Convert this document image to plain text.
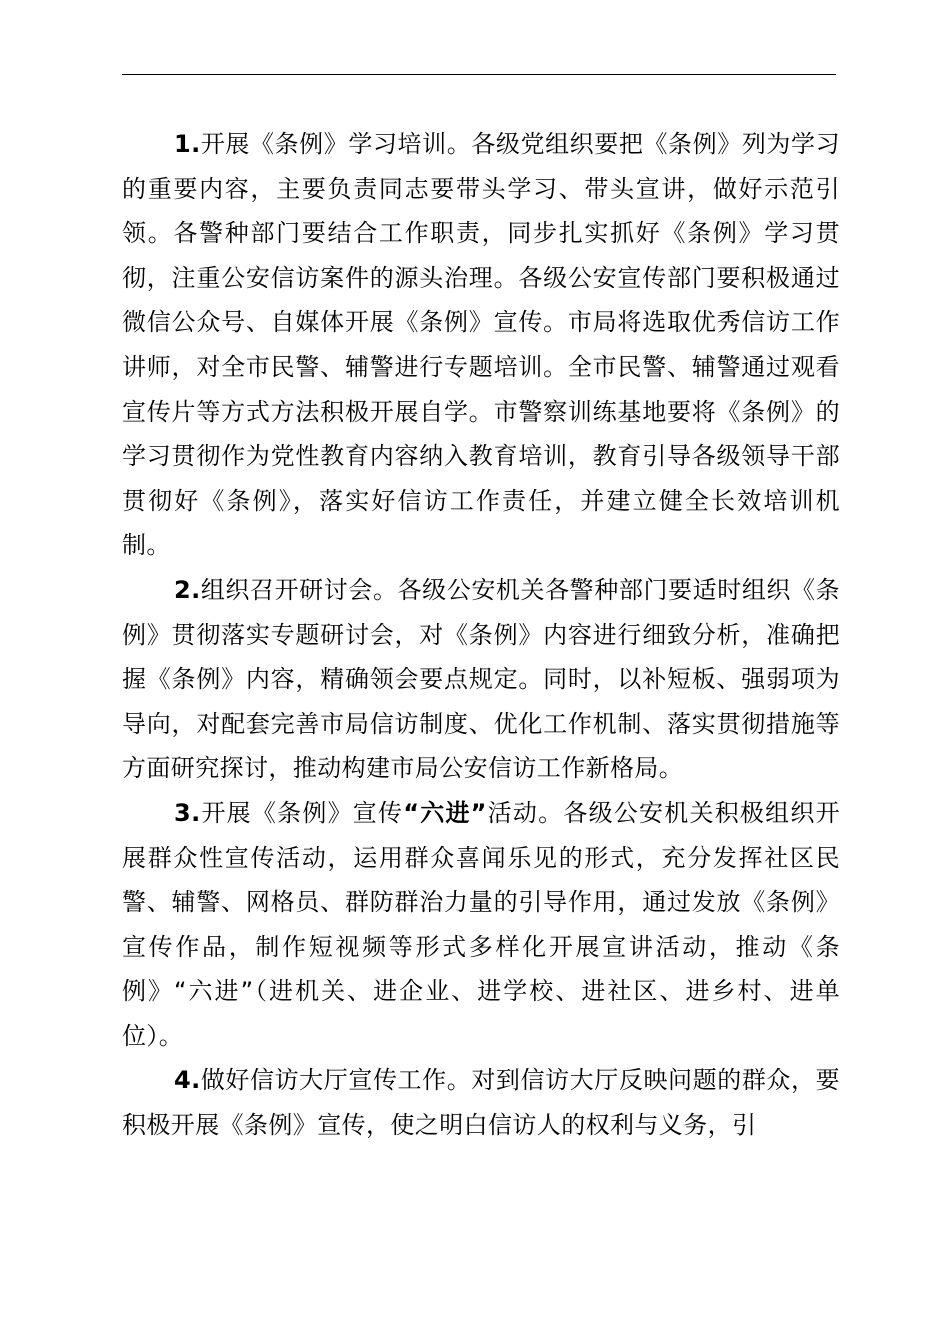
1.开展《条例》学习培训。各级党组织要把《条例》列为学习的重要内容，主要负责同志要带头学习、带头宣讲，做好示范引领。各警种部门要结合工作职责，同步扎实抓好《条例》学习贯彻，注重公安信访案件的源头治理。各级公安宣传部门要积极通过微信公众号、自媒体开展《条例》宣传。市局将选取优秀信访工作讲师，对全市民警、辅警进行专题培训。全市民警、辅警通过观看宣传片等方式方法积极开展自学。市警察训练基地要将《条例》的学习贯彻作为党性教育内容纳入教育培训，教育引导各级领导干部贯彻好《条例》，落实好信访工作责任，并建立健全长效培训机制。

2.组织召开研讨会。各级公安机关各警种部门要适时组织《条例》贯彻落实专题研讨会，对《条例》内容进行细致分析，准确把握《条例》内容，精确领会要点规定。同时，以补短板、强弱项为导向，对配套完善市局信访制度、优化工作机制、落实贯彻措施等方面研究探讨，推动构建市局公安信访工作新格局。

3.开展《条例》宣传“六进”活动。各级公安机关积极组织开展群众性宣传活动，运用群众喜闻乐见的形式，充分发挥社区民警、辅警、网格员、群防群治力量的引导作用，通过发放《条例》宣传作品，制作短视频等形式多样化开展宣讲活动，推动《条例》“六进”（进机关、进企业、进学校、进社区、进乡村、进单位）。

4.做好信访大厅宣传工作。对到信访大厅反映问题的群众，要积极开展《条例》宣传，使之明白信访人的权利与义务，引
